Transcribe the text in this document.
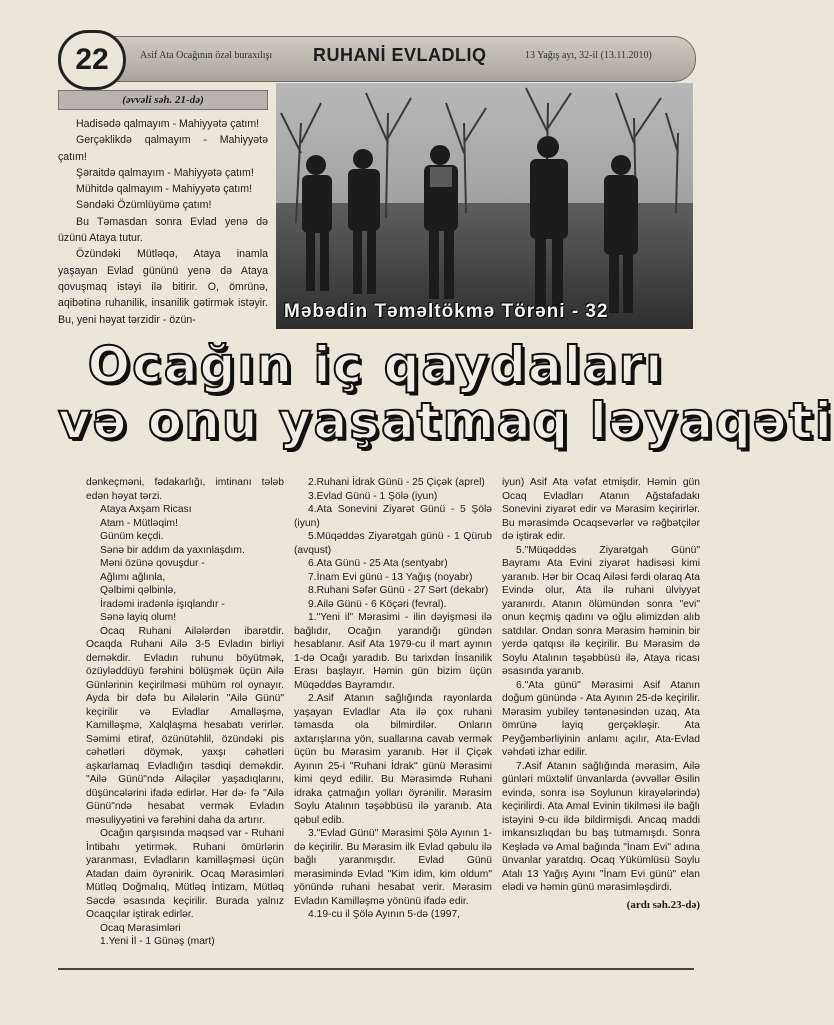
22	Asif Ata Ocağının özəl buraxılışı RUHANİ EVLADLIQ	13 Yağış ayı, 32-il (13.11.2010)
(əvvəli səh. 21-də)

Hadisədə qalmayım - Mahiyyətə çatım!

Gerçəklikdə qalmayım - Mahiyyətə çatım!

Şəraitdə qalmayım - Mahiyyətə çatım!

Mühitdə qalmayım - Mahiyyətə çatım!

Səndəki Özümlüyümə çatım!

Bu Təmasdan sonra Evlad yenə də üzünü Ataya tutur.

Özündəki Mütləqə, Ataya inamla yaşayan Evlad gününü yenə də Ataya qovuşmaq istəyi ilə bitirir. O, ömrünə, aqibətinə ruhanilik, insanilik gətirmək istəyir. Bu, yeni həyat tərzidir - özün-	Məbədin Təməltökmə Törəni - 32
Ocağın iç qaydaları
və onu yaşatmaq ləyaqəti

dənkeçməni, fədakarlığı, imtinanı tələb edən həyat tərzi.

Ataya Axşam Ricası

Atam - Mütləqim!

Günüm keçdi.

Sənə bir addım da yaxınlaşdım.

Məni özünə qovuşdur -

Ağlımı ağlınla,

Qəlbimi qəlbinlə,

İradəmi iradənlə işıqlandır -

Sənə layiq olum!

Ocaq Ruhani Ailələrdən ibarətdir. Ocaqda Ruhani Ailə 3-5 Evladın birliyi deməkdir. Evladın ruhunu böyütmək, özüyləddüyü fərəhini bölüşmək üçün Ailə Günlərinin keçirilməsi mühüm rol oynayır. Ayda bir dəfə bu Ailələrin "Ailə Günü" keçirilir və Evladlar Amalləşmə, Kamilləşmə, Xalqlaşma hesabatı verirlər. Səmimi etiraf, özünütəhlil, özündəki pis cəhətləri döymək, yaxşı cəhətləri aşkarlamaq Evladlığın təsdiqi deməkdir. "Ailə Günü"ndə Ailəçilər yaşadıqlarını, düşüncələrini ifadə edirlər. Hər də- fə "Ailə Günü"ndə hesabat vermək Evladın məsuliyyətini və fərəhini daha da artırır.

Ocağın qarşısında məqsəd var - Ruhani İntibahı yetirmək. Ruhani ömürlərin yaranması, Evladların kamilləşməsi üçün Atadan daim öyrənirik. Ocaq Mərasimləri Mütləq Doğmalıq, Mütləq İntizam, Mütləq Səcdə əsasında keçirilir. Burada yalnız Ocaqçılar iştirak edirlər.

Ocaq Mərasimləri

1.Yeni İl - 1 Günəş (mart)

2.Ruhani İdrak Günü - 25 Çiçək (aprel)

3.Evlad Günü - 1 Şölə (iyun)

4.Ata Sonevini Ziyarət Günü - 5 Şölə (iyun)

5.Müqəddəs Ziyarətgah günü - 1 Qürub (avqust)

6.Ata Günü - 25 Ata (sentyabr)

7.İnam Evi günü - 13 Yağış (noyabr)

8.Ruhani Səfər Günü - 27 Sərt (dekabr)

9.Ailə Günü - 6 Köçəri (fevral).

1."Yeni il" Mərasimi - ilin dəyişməsi ilə bağlıdır, Ocağın yarandığı gündən hesablanır. Asif Ata 1979-cu il mart ayının 1-də Ocağı yaradıb. Bu tarixdən İnsanilik Erası başlayır. Həmin gün bizim üçün Müqəddəs Bayramdır.

2.Asif Atanın sağlığında rayonlarda yaşayan Evladlar Ata ilə çox ruhani təmasda ola bilmirdilər. Onların axtarışlarına yön, suallarına cavab vermək üçün bu Mərasim yaranıb. Hər il Çiçək Ayının 25-i "Ruhani İdrak" günü Mərasimi kimi qeyd edilir. Bu Mərasimdə Ruhani idraka çatmağın yolları öyrənilir. Mərasim Soylu Atalının təşəbbüsü ilə yaranıb. Ata qəbul edib.

3."Evlad Günü" Mərasimi Şölə Ayının 1-də keçirilir. Bu Mərasim ilk Evlad qəbulu ilə bağlı yaranmışdır. Evlad Günü mərasimində Evlad "Kim idim, kim oldum" yönündə ruhani hesabat verir. Mərasim Evladın Kamilləşmə yönünü ifadə edir.

4.19-cu il Şölə Ayının 5-də (1997,

iyun) Asif Ata vəfat etmişdir. Həmin gün Ocaq Evladları Atanın Ağstafadakı Sonevini ziyarət edir və Mərasim keçirirlər. Bu mərasimdə Ocaqsevərlər və rəğbətçilər də iştirak edir.

5."Müqəddəs Ziyarətgah Günü" Bayramı Ata Evini ziyarət hadisəsi kimi yaranıb. Hər bir Ocaq Ailəsi fərdi olaraq Ata Evində olur, Ata ilə ruhani ülviyyət yaranırdı. Atanın ölümündən sonra "evi" onun keçmiş qadını və oğlu əlimizdən alıb satdılar. Ondan sonra Mərasim həminin bir yerdə qatqısı ilə keçirilir. Bu Mərasim də Soylu Atalının təşəbbüsü ilə, Ataya ricası əsasında yaranıb.

6."Ata günü" Mərasimi Asif Atanın doğum günündə - Ata Ayının 25-də keçirilir. Mərasim yubiley təntənəsindən uzaq, Ata ömrünə layiq gerçəkləşir. Ata Peyğəmbərliyinin anlamı açılır, Ata-Evlad vəhdəti izhar edilir.

7.Asif Atanın sağlığında mərasim, Ailə günləri müxtəlif ünvanlarda (əvvəllər Əsilin evində, sonra isə Soylunun kirayələrində) keçirilirdi. Ata Amal Evinin tikilməsi ilə bağlı istəyini 9-cu ildə bildirmişdi. Ancaq maddi imkansızlıqdan bu baş tutmamışdı. Sonra Keşlədə və Amal bağında "İnam Evi" adına ünvanlar yaratdıq. Ocaq Yükümlüsü Soylu Atalı 13 Yağış Ayını "İnam Evi günü" elan elədi və həmin günü mərasimləşdirdi.

(ardı səh.23-də)
